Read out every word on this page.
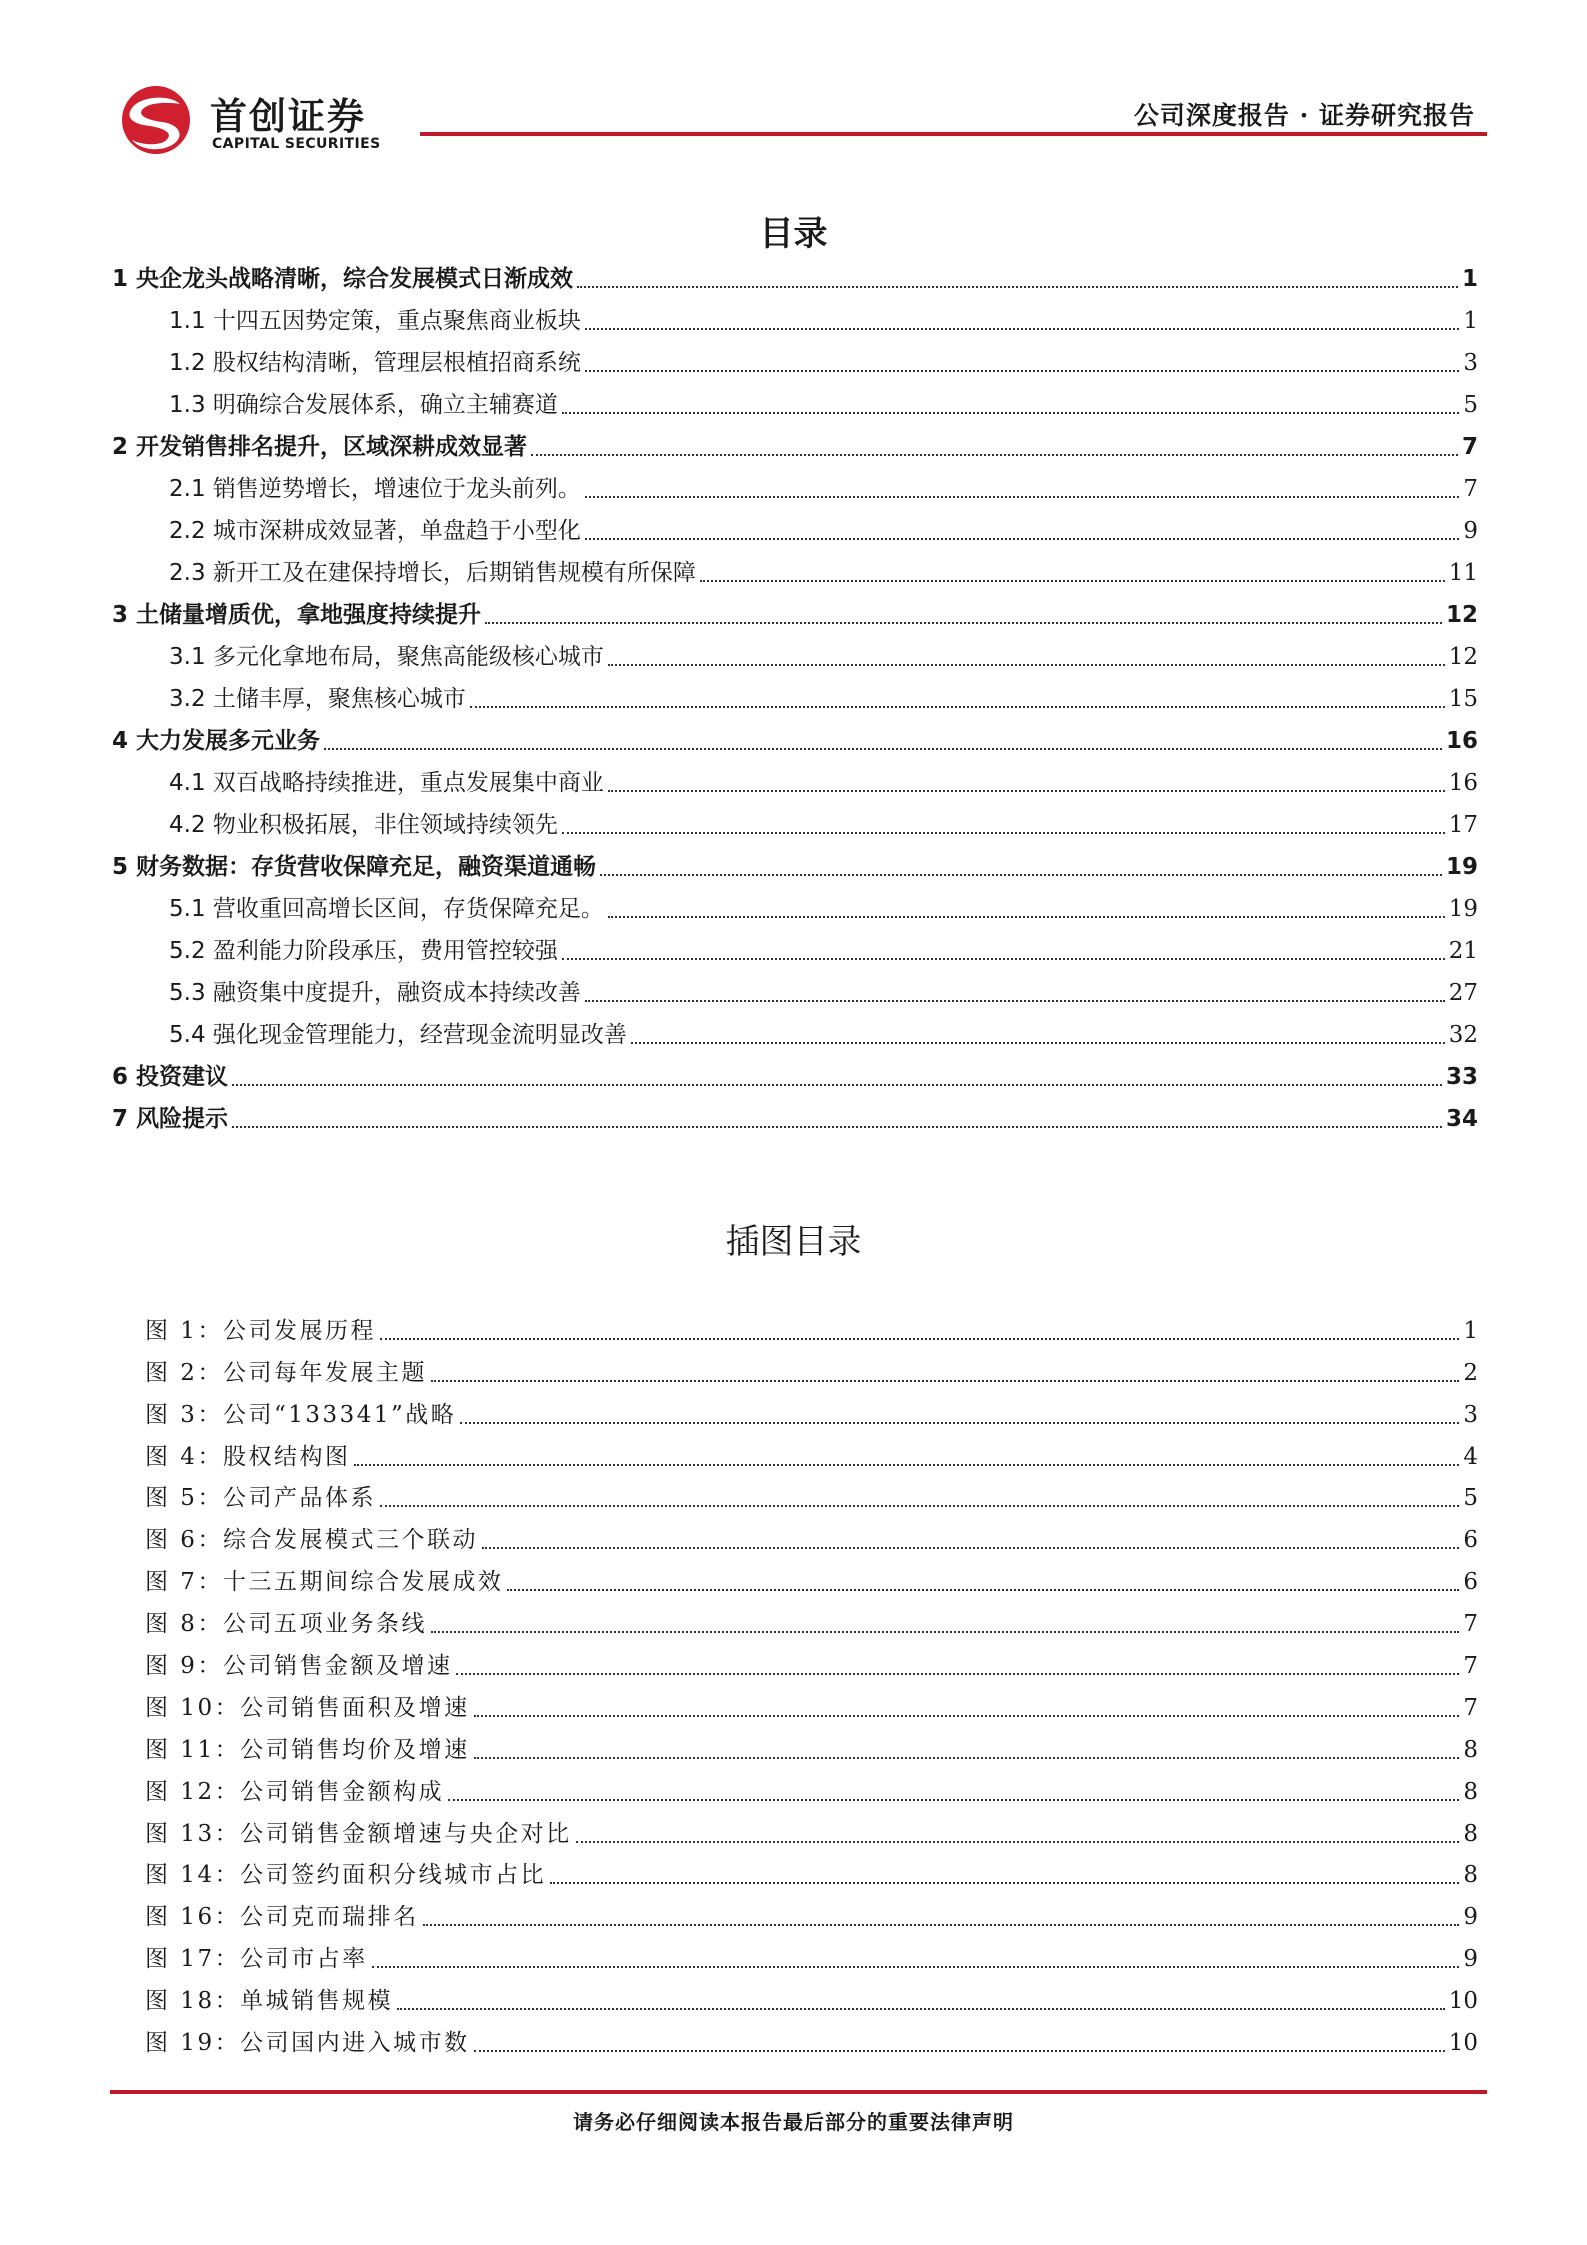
首创证券
CAPITAL SECURITIES
公司深度报告 · 证券研究报告
目录
1 央企龙头战略清晰，综合发展模式日渐成效	1
1.1 十四五因势定策，重点聚焦商业板块	1
1.2 股权结构清晰，管理层根植招商系统	3
1.3 明确综合发展体系，确立主辅赛道	5
2 开发销售排名提升，区域深耕成效显著	7
2.1 销售逆势增长，增速位于龙头前列。	7
2.2 城市深耕成效显著，单盘趋于小型化	9
2.3 新开工及在建保持增长，后期销售规模有所保障	11
3 土储量增质优，拿地强度持续提升	12
3.1 多元化拿地布局，聚焦高能级核心城市	12
3.2 土储丰厚，聚焦核心城市	15
4 大力发展多元业务	16
4.1 双百战略持续推进，重点发展集中商业	16
4.2 物业积极拓展，非住领域持续领先	17
5 财务数据：存货营收保障充足，融资渠道通畅	19
5.1 营收重回高增长区间，存货保障充足。	19
5.2 盈利能力阶段承压，费用管控较强	21
5.3 融资集中度提升，融资成本持续改善	27
5.4 强化现金管理能力，经营现金流明显改善	32
6 投资建议	33
7 风险提示	34
插图目录
图 1：公司发展历程	1
图 2：公司每年发展主题	2
图 3：公司“133341”战略	3
图 4：股权结构图	4
图 5：公司产品体系	5
图 6：综合发展模式三个联动	6
图 7：十三五期间综合发展成效	6
图 8：公司五项业务条线	7
图 9：公司销售金额及增速	7
图 10：公司销售面积及增速	7
图 11：公司销售均价及增速	8
图 12：公司销售金额构成	8
图 13：公司销售金额增速与央企对比	8
图 14：公司签约面积分线城市占比	8
图 16：公司克而瑞排名	9
图 17：公司市占率	9
图 18：单城销售规模	10
图 19：公司国内进入城市数	10
请务必仔细阅读本报告最后部分的重要法律声明
